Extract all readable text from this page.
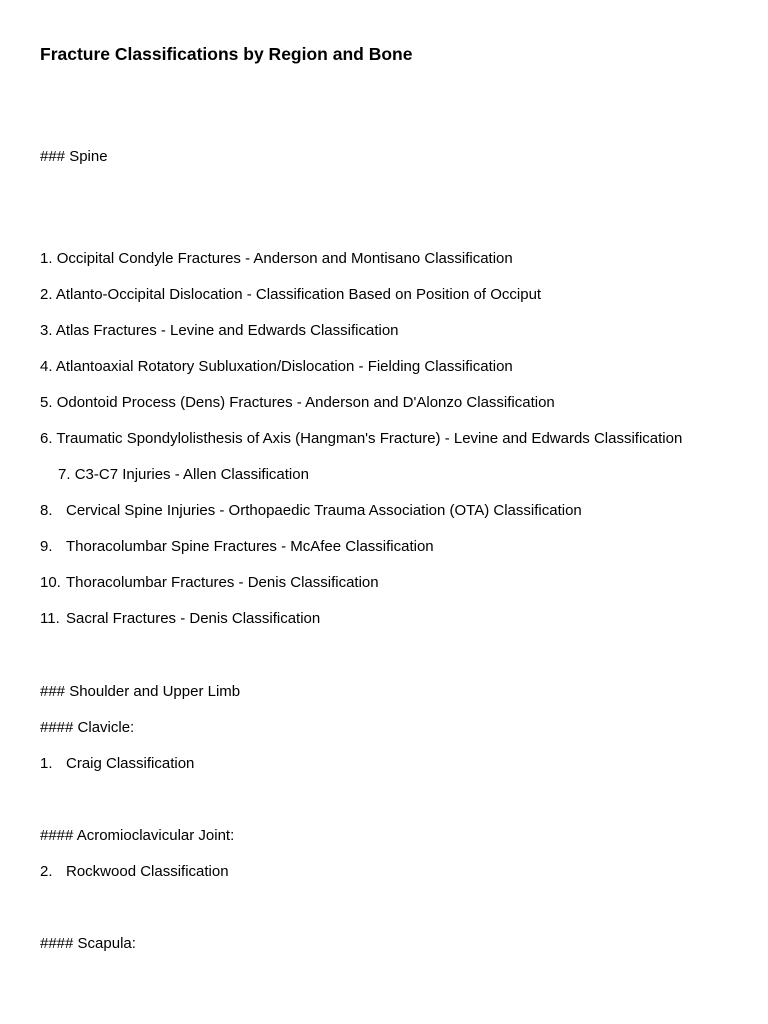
Fracture Classifications by Region and Bone
### Spine
1. Occipital Condyle Fractures - Anderson and Montisano Classification
2. Atlanto-Occipital Dislocation - Classification Based on Position of Occiput
3. Atlas Fractures - Levine and Edwards Classification
4. Atlantoaxial Rotatory Subluxation/Dislocation - Fielding Classification
5. Odontoid Process (Dens) Fractures - Anderson and D'Alonzo Classification
6. Traumatic Spondylolisthesis of Axis (Hangman's Fracture) - Levine and Edwards Classification
7. C3-C7 Injuries - Allen Classification
8. Cervical Spine Injuries - Orthopaedic Trauma Association (OTA) Classification
9. Thoracolumbar Spine Fractures - McAfee Classification
10. Thoracolumbar Fractures - Denis Classification
11. Sacral Fractures - Denis Classification
### Shoulder and Upper Limb
#### Clavicle:
1. Craig Classification
#### Acromioclavicular Joint:
2. Rockwood Classification
#### Scapula:
